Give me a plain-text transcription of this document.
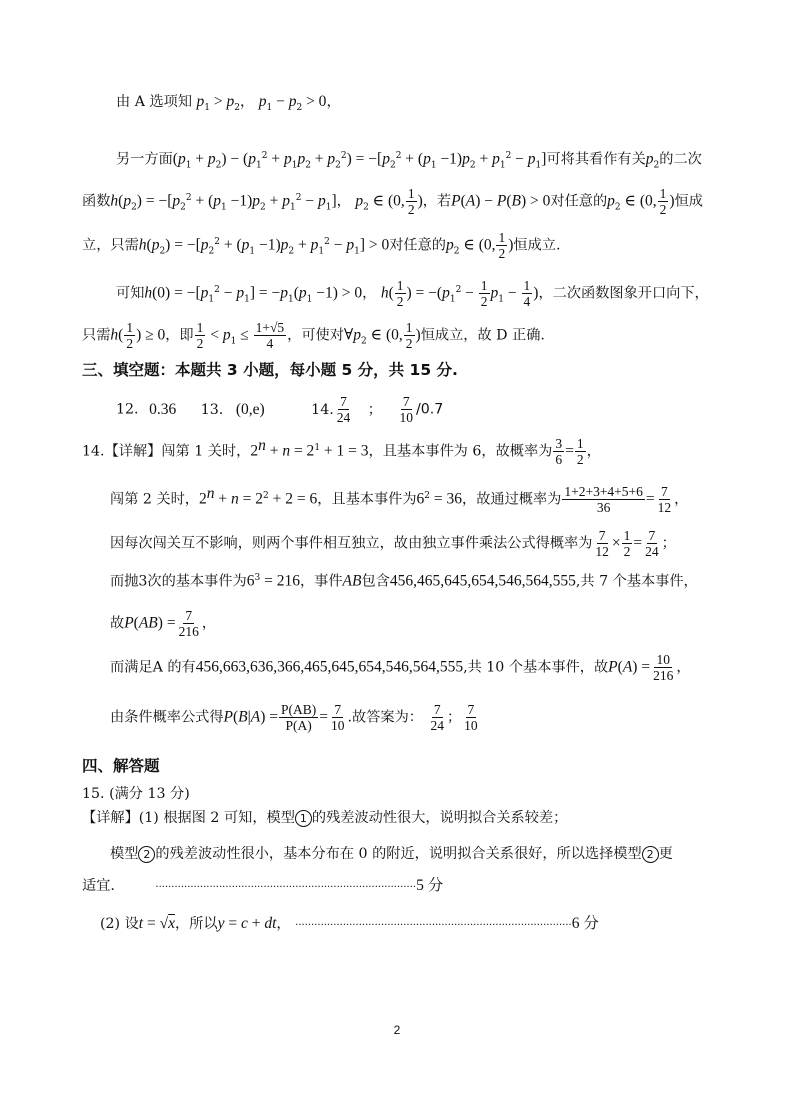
由 A 选项知 $p_1 > p_2$， $p_1 - p_2 > 0$，
另一方面$(p_1 + p_2) - (p_1^2 + p_1p_2 + p_2^2) = -[p_2^2 + (p_1 -1)p_2 + p_1^2 - p_1]$可将其看作有关$p_2$的二次
函数$h(p_2) = -[p_2^2 + (p_1 -1)p_2 + p_1^2 - p_1]$， $p_2$ ∈ (0, $\frac{1}{2}$ )，若P(A) − P(B) > 0对任意的$p_2$ ∈ (0, $\frac{1}{2}$ )恒成
立，只需$h(p_2) = -[p_2^2 + (p_1 -1)p_2 + p_1^2 - p_1] > 0$对任意的$p_2$ ∈ (0, $\frac{1}{2}$ )恒成立.
可知$h(0) = -[p_1^2 - p_1] = -p_1(p_1 -1) > 0$， $h( \frac{1}{2}$ ) = $-(p_1^2 - \frac{1}{2} p_1 - \frac{1}{4}$ )，二次函数图象开口向下，
只需$h( \frac{1}{2}$ ) ≥ 0，即 $\frac{1}{2} < p_1 \le \frac{1+√5}{4}$ ，可使对$\forall p_2$ ∈ (0, $\frac{1}{2}$ )恒成立，故 D 正确.
三、填空题：本题共 3 小题，每小题 5 分，共 15 分.
12. 0.36 13. (0,e)	14. $\frac{7}{24}$ ； $\frac{7}{10} /0.7$
14.【详解】闯第 1 关时，$2^n + n = 2^1 + 1 = 3$，且基本事件为 6，故概率为 $\frac{3}{6} = \frac{1}{2}$ ，
闯第 2 关时，$2^n + n = 2^2 + 2 = 6$，且基本事件为$6^2 = 36$，故通过概率为 $\frac{1+2+3+4+5+6}{36} = \frac{7}{12}$ ，
因每次闯关互不影响，则两个事件相互独立，故由独立事件乘法公式得概率为 $\frac{7}{12} \times \frac{1}{2} = \frac{7}{24}$ ；
而抛3次的基本事件为$6^3 = 216$，事件AB包含456,465,645,654,546,564,555,共 7 个基本事件，
故$P(AB) = \frac{7}{216}$ ，
而满足A 的有456,663,636,366,465,645,654,546,564,555,共 10 个基本事件，故$P(A) = \frac{10}{216}$ ，
由条件概率公式得$P(B|A) = \frac{P(AB)}{P(A)} = \frac{7}{10}$ .故答案为： $\frac{7}{24}$ ； $\frac{7}{10}$
四、解答题
15. (满分 13 分)
【详解】(1) 根据图 2 可知，模型 1 的残差波动性很大，说明拟合关系较差；
模型 2 的残差波动性很小，基本分布在 0 的附近，说明拟合关系很好，所以选择模型 2 更
适宜.	··················································································5 分
(2) 设t = √x，所以y = c + dt， ·······················································································6 分
2
